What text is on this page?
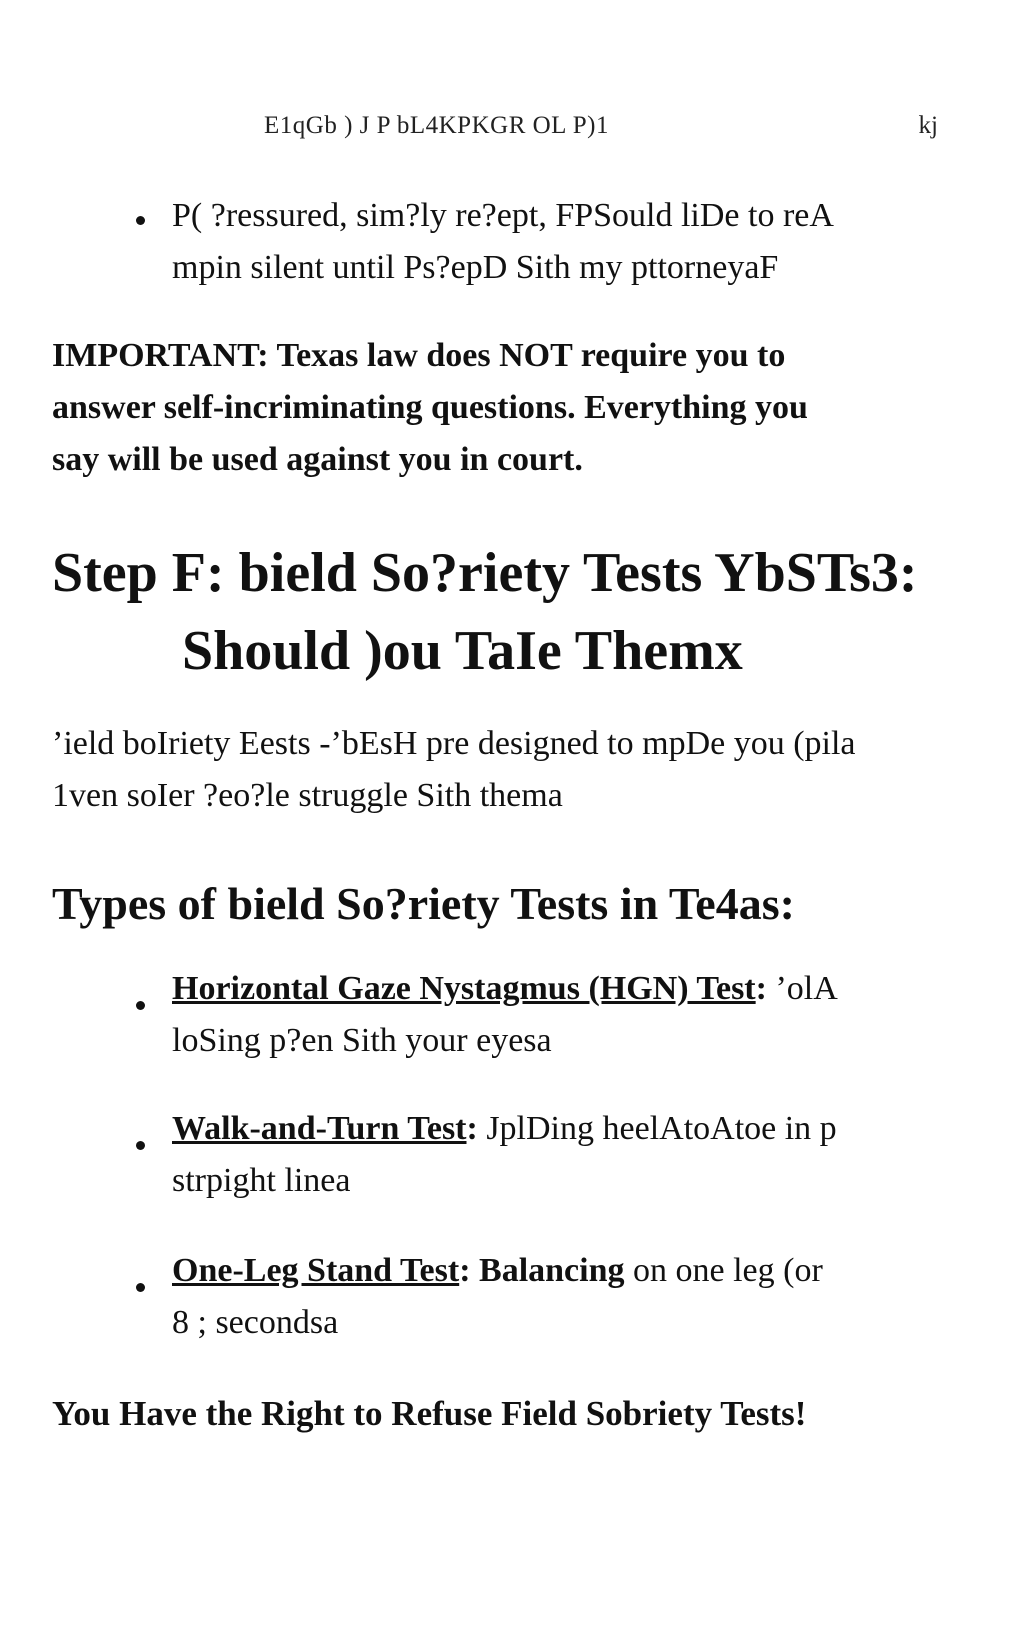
E1qGb ) J P bL4KPKGR OL P)1	kj
P( ?ressured, sim?ly re?ept, FPSould liDe to reA
mpin silent until Ps?epD Sith my pttorneyaF
IMPORTANT: Texas law does NOT require you to
answer self-incriminating questions. Everything you
say will be used against you in court.
Step F: bield So?riety Tests YbSTs3:
Should )ou TaIe Themx
’ield boIriety Eests -’bEsH pre designed to mpDe you (pila
1ven soIer ?eo?le struggle Sith thema
Types of bield So?riety Tests in Te4as:
Horizontal Gaze Nystagmus (HGN) Test: ’olA
loSing p?en Sith your eyesa
Walk-and-Turn Test: JplDing heelAtoAtoe in p
strpight linea
One-Leg Stand Test: Balancing on one leg (or
8 ; secondsa
You Have the Right to Refuse Field Sobriety Tests!
